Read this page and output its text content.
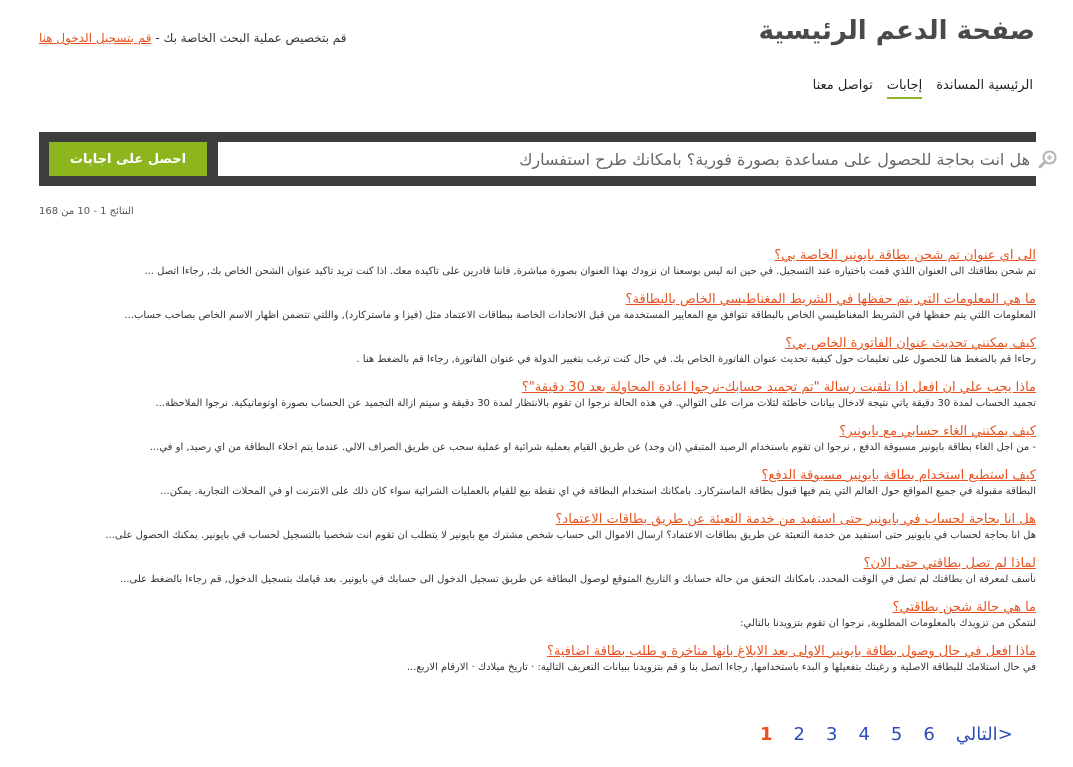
صفحة الدعم الرئيسية
قم بتخصيص عملية البحث الخاصة بك - قم بتسجيل الدخول هنا
الرئيسية المساندة
إجابات
تواصل معنا
هل انت بحاجة للحصول على مساعدة بصورة فورية؟ بامكانك طرح استفسارك
احصل على اجابات
النتائج 1 - 10 من 168
الى اي عنوان تم شحن بطاقة بايونير الخاصة بي؟
تم شحن بطاقتك الى العنوان اللذي قمت باختياره عند التسجيل. في حين انه ليس بوسعنا ان نزودك بهذا العنوان بصورة مباشرة, فاننا قادرين على تاكيده معك. اذا كنت تريد تاكيد عنوان الشحن الخاص بك, رجاءا اتصل ...
ما هي المعلومات التي يتم حفظها في الشريط المغناطيسي الخاص بالبطاقة؟
المعلومات اللتي يتم حفظها في الشريط المغناطيسي الخاص بالبطاقة تتوافق مع المعايير المستخدمة من قبل الاتحادات الخاصة ببطاقات الاعتماد مثل (فيزا و ماستركارد), واللتي تتضمن اظهار الاسم الخاص بصاحب حساب...
كيف يمكنني تحديث عنوان الفاتورة الخاص بي؟
رجاءا قم بالضغط هنا للحصول على تعليمات حول كيفية تحديث عنوان الفاتورة الخاص بك. في حال كنت ترغب بتغيير الدولة في عنوان الفاتورة, رجاءا قم بالضغط هنا .
ماذا يجب علي ان افعل اذا تلقيت رسالة "تم تجميد حسابك-نرجوا اعادة المحاولة بعد 30 دقيقة"؟
تجميد الحساب لمدة 30 دقيقة ياتي نتيجة لادخال بيانات خاطئة لثلاث مرات على التوالي. في هذه الحالة نرجوا ان تقوم بالانتظار لمدة 30 دقيقة و سيتم ازالة التجميد عن الحساب بصورة اوتوماتيكية. نرجوا الملاحظة...
كيف يمكنني الغاء حسابي مع بايونير؟
- من اجل الغاء بطاقة بايونير مسبوقة الدفع , نرجوا ان تقوم باستخدام الرصيد المتبقي (ان وجد) عن طريق القيام بعملية شرائية او عملية سحب عن طريق الصراف الالي. عندما يتم اخلاء البطاقة من اي رصيد, او في...
كيف استطيع استخدام بطاقة بايونير مسبوقة الدفع؟
البطاقة مقبولة في جميع المواقع حول العالم التي يتم فيها قبول بطاقة الماستركارد. بامكانك استخدام البطاقة في اي نقطة بيع للقيام بالعمليات الشرائية سواء كان ذلك على الانترنت او في المحلات التجارية. يمكن...
هل انا بحاجة لحساب في بايونير حتى استفيد من خدمة التعبئة عن طريق بطاقات الاعتماد؟
هل انا بحاجة لحساب في بايونير حتى استفيد من خدمة التعبئة عن طريق بطاقات الاعتماد؟ ارسال الاموال الى حساب شخص مشترك مع بايونير لا يتطلب ان تقوم انت شخصيا بالتسجيل لحساب في بايونير. يمكنك الحصول على...
لماذا لم تصل بطاقتي حتى الان؟
نأسف لمعرفة ان بطاقتك لم تصل في الوقت المحدد. بامكانك التحقق من حالة حسابك و التاريخ المتوقع لوصول البطاقة عن طريق تسجيل الدخول الى حسابك في بايونير. بعد قيامك بتسجيل الدخول, قم رجاءا بالضغط على...
ما هي حالة شحن بطاقتي؟
لنتمكن من تزويدك بالمعلومات المطلوبة, نرجوا ان تقوم بتزويدنا بالتالي:
ماذا افعل في حال وصول بطاقة بايونير الاولى بعد الابلاغ بانها متاخرة و طلب بطاقة اضافية؟
في حال استلامك للبطاقة الاصلية و رغبتك بتفعيلها و البدء باستخدامها, رجاءا اتصل بنا و قم بتزويدنا ببيانات التعريف التالية: · تاريخ ميلادك · الارقام الاربع...
1 2 3 4 5 6 التالي>
